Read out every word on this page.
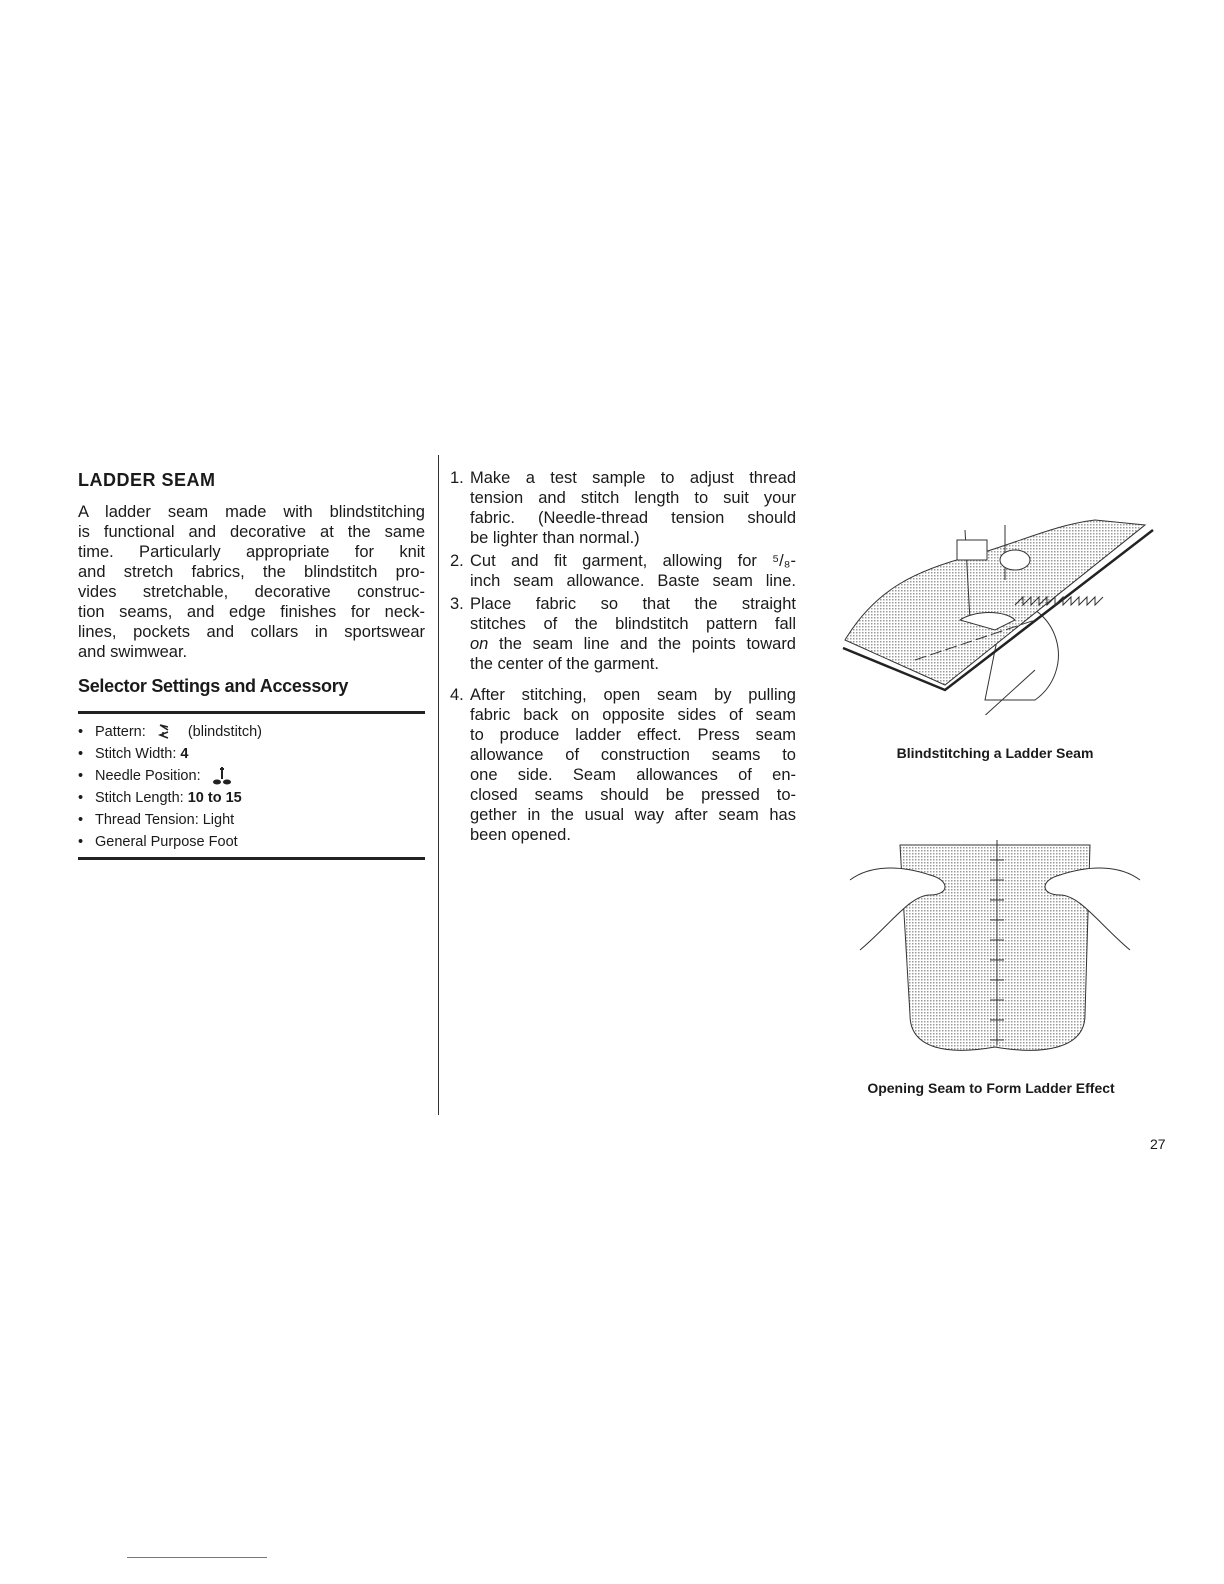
LADDER SEAM
A ladder seam made with blindstitching
is functional and decorative at the same
time. Particularly appropriate for knit
and stretch fabrics, the blindstitch pro-
vides stretchable, decorative construc-
tion seams, and edge finishes for neck-
lines, pockets and collars in sportswear
and swimwear.
Selector Settings and Accessory
• Pattern:	(blindstitch)
• Stitch Width: 4
• Needle Position:
• Stitch Length: 10 to 15
• Thread Tension: Light
• General Purpose Foot
1. Make a test sample to adjust thread
tension and stitch length to suit your
fabric. (Needle-thread tension should
be lighter than normal.)
2. Cut and fit garment, allowing for ⁵/₈-
inch seam allowance. Baste seam line.
3. Place fabric so that the straight
stitches of the blindstitch pattern fall
on the seam line and the points toward
the center of the garment.
4. After stitching, open seam by pulling
fabric back on opposite sides of seam
to produce ladder effect. Press seam
allowance of construction seams to
one side. Seam allowances of en-
closed seams should be pressed to-
gether in the usual way after seam has
been opened.
Blindstitching a Ladder Seam
Opening Seam to Form Ladder Effect
27
